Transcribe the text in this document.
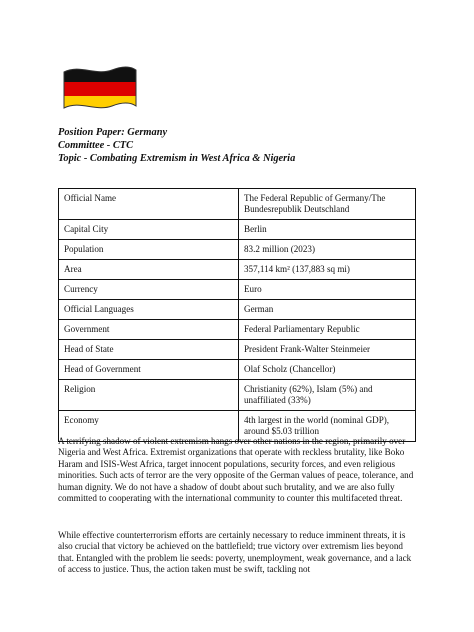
Position Paper: Germany
Committee - CTC
Topic - Combating Extremism in West Africa & Nigeria
Official Name	The Federal Republic of Germany/The Bundesrepublik Deutschland
Capital City	Berlin
Population	83.2 million (2023)
Area	357,114 km² (137,883 sq mi)
Currency	Euro
Official Languages	German
Government	Federal Parliamentary Republic
Head of State	President Frank-Walter Steinmeier
Head of Government	Olaf Scholz (Chancellor)
Religion	Christianity (62%), Islam (5%) and unaffiliated (33%)
Economy	4th largest in the world (nominal GDP), around $5.03 trillion
A terrifying shadow of violent extremism hangs over other nations in the region, primarily over Nigeria and West Africa. Extremist organizations that operate with reckless brutality, like Boko Haram and ISIS-West Africa, target innocent populations, security forces, and even religious minorities. Such acts of terror are the very opposite of the German values of peace, tolerance, and human dignity. We do not have a shadow of doubt about such brutality, and we are also fully committed to cooperating with the international community to counter this multifaceted threat.
While effective counterterrorism efforts are certainly necessary to reduce imminent threats, it is also crucial that victory be achieved on the battlefield; true victory over extremism lies beyond that. Entangled with the problem lie seeds: poverty, unemployment, weak governance, and a lack of access to justice. Thus, the action taken must be swift, tackling not
